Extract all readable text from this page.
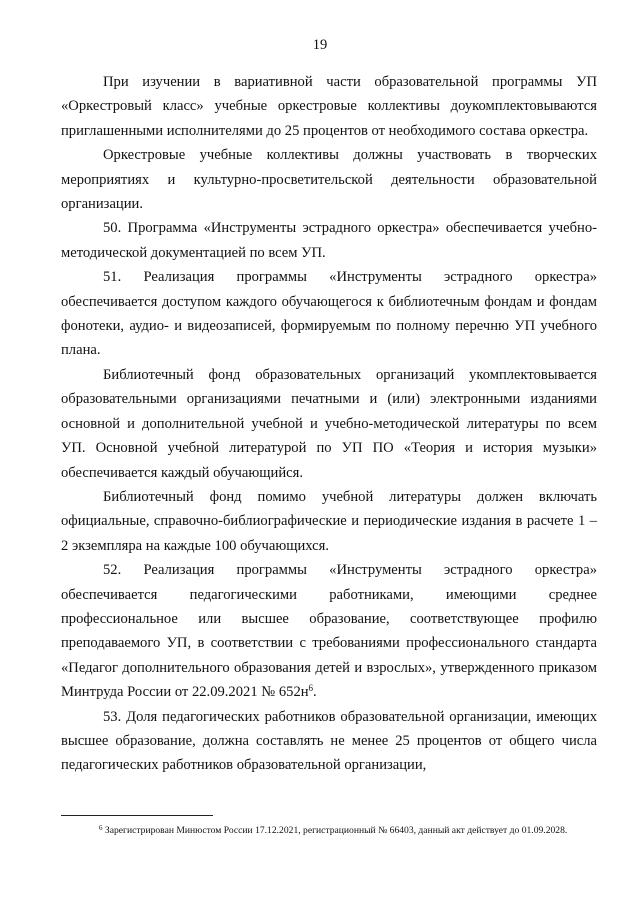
19

При изучении в вариативной части образовательной программы УП «Оркестровый класс» учебные оркестровые коллективы доукомплектовываются приглашенными исполнителями до 25 процентов от необходимого состава оркестра.

Оркестровые учебные коллективы должны участвовать в творческих мероприятиях и культурно-просветительской деятельности образовательной организации.

50. Программа «Инструменты эстрадного оркестра» обеспечивается учебно-методической документацией по всем УП.

51. Реализация программы «Инструменты эстрадного оркестра» обеспечивается доступом каждого обучающегося к библиотечным фондам и фондам фонотеки, аудио- и видеозаписей, формируемым по полному перечню УП учебного плана.

Библиотечный фонд образовательных организаций укомплектовывается образовательными организациями печатными и (или) электронными изданиями основной и дополнительной учебной и учебно-методической литературы по всем УП. Основной учебной литературой по УП ПО «Теория и история музыки» обеспечивается каждый обучающийся.

Библиотечный фонд помимо учебной литературы должен включать официальные, справочно-библиографические и периодические издания в расчете 1 – 2 экземпляра на каждые 100 обучающихся.

52. Реализация программы «Инструменты эстрадного оркестра» обеспечивается педагогическими работниками, имеющими среднее профессиональное или высшее образование, соответствующее профилю преподаваемого УП, в соответствии с требованиями профессионального стандарта «Педагог дополнительного образования детей и взрослых», утвержденного приказом Минтруда России от 22.09.2021 № $652н^6$.

53. Доля педагогических работников образовательной организации, имеющих высшее образование, должна составлять не менее 25 процентов от общего числа педагогических работников образовательной организации,

$^6$ Зарегистрирован Минюстом России 17.12.2021, регистрационный № 66403, данный акт действует до 01.09.2028.
